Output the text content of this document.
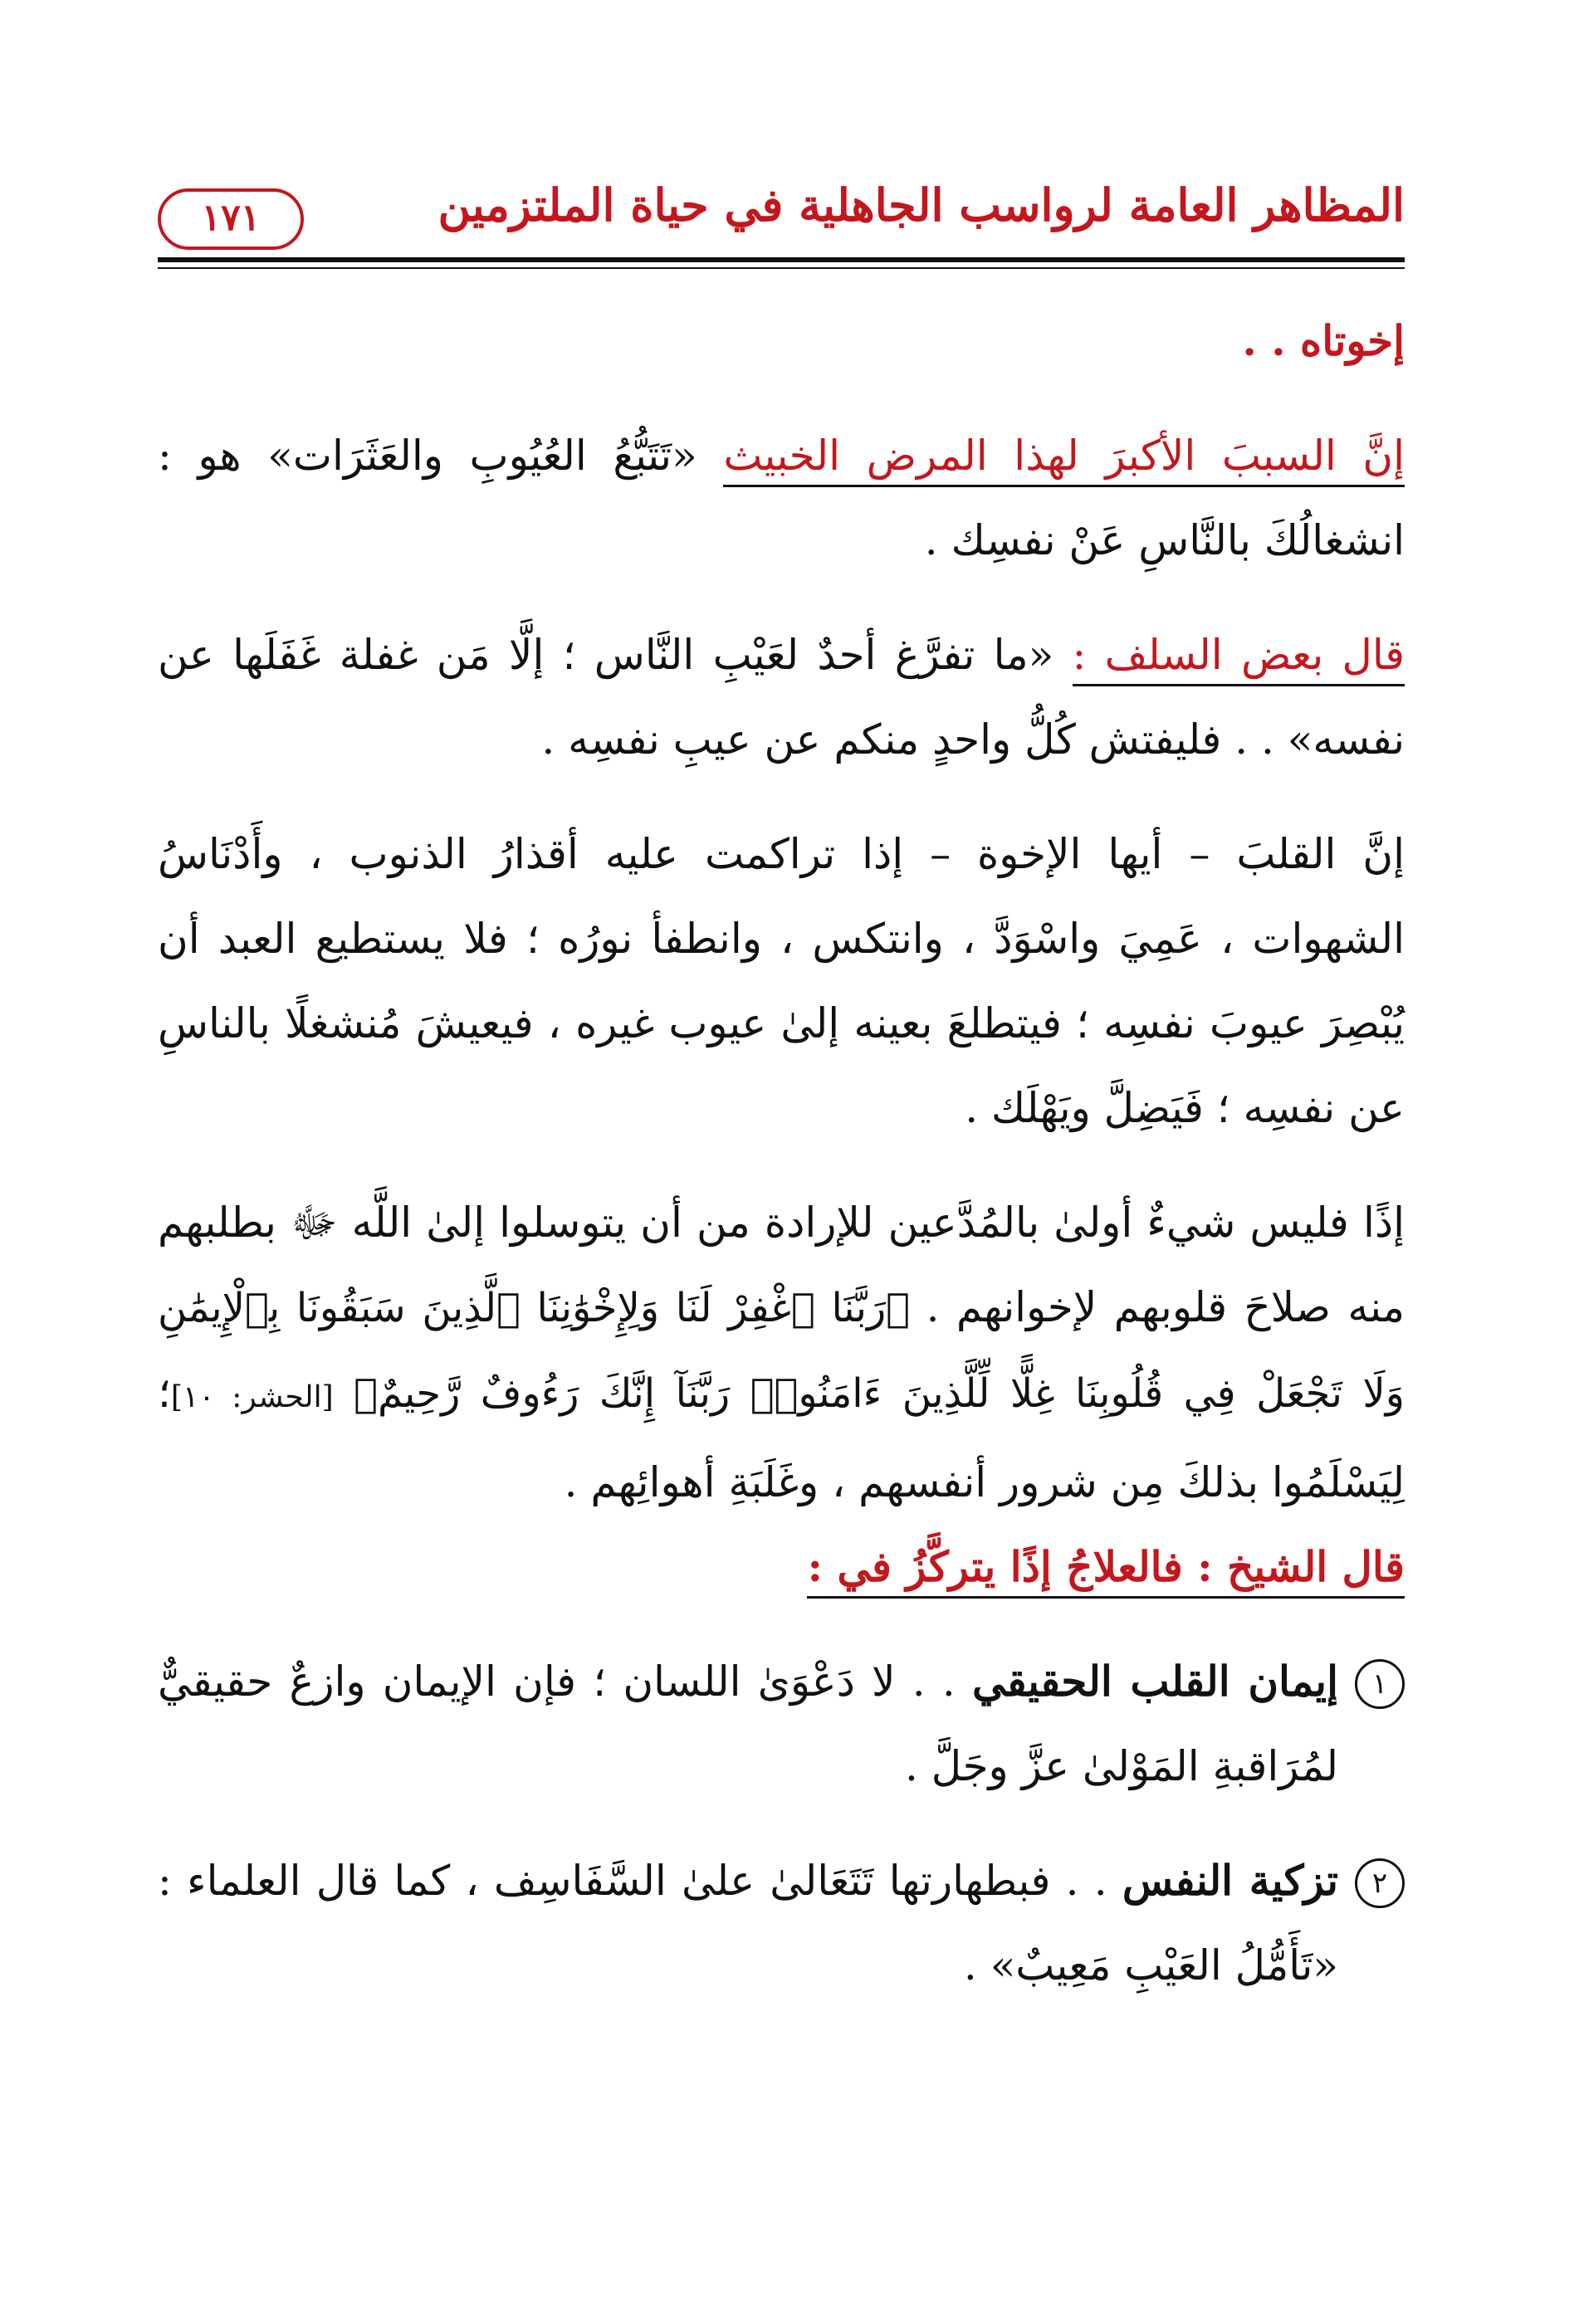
المظاهر العامة لرواسب الجاهلية في حياة الملتزمين
١٧١

إخوتاه . .

إنَّ السببَ الأكبرَ لهذا المرض الخبيث «تَتَبُّعُ العُيُوبِ والعَثَرَات» هو : انشغالُكَ بالنَّاسِ عَنْ نفسِك .

قال بعض السلف : «ما تفرَّغ أحدٌ لعَيْبِ النَّاس ؛ إلَّا مَن غفلة غَفَلَها عن نفسه» . . فليفتش كُلُّ واحدٍ منكم عن عيبِ نفسِه .

إنَّ القلبَ – أيها الإخوة – إذا تراكمت عليه أقذارُ الذنوب ، وأَدْنَاسُ الشهوات ، عَمِيَ واسْوَدَّ ، وانتكس ، وانطفأ نورُه ؛ فلا يستطيع العبد أن يُبْصِرَ عيوبَ نفسِه ؛ فيتطلعَ بعينه إلىٰ عيوب غيره ، فيعيشَ مُنشغلًا بالناسِ عن نفسِه ؛ فَيَضِلَّ ويَهْلَك .

إذًا فليس شيءٌ أولىٰ بالمُدَّعين للإرادة من أن يتوسلوا إلىٰ اللَّه ﷻ بطلبهم منه صلاحَ قلوبهم لإخوانهم . ﴿رَبَّنَا ٱغْفِرْ لَنَا وَلِإِخْوَٰنِنَا ٱلَّذِينَ سَبَقُونَا بِٱلْإِيمَٰنِ وَلَا تَجْعَلْ فِي قُلُوبِنَا غِلًّا لِّلَّذِينَ ءَامَنُوا۟ رَبَّنَآ إِنَّكَ رَءُوفٌ رَّحِيمٌ﴾ [الحشر: ١٠]؛ لِيَسْلَمُوا بذلكَ مِن شرور أنفسهم ، وغَلَبَةِ أهوائِهم .

قال الشيخ : فالعلاجُ إذًا يتركَّزُ في :

١
إيمان القلب الحقيقي . . لا دَعْوَىٰ اللسان ؛ فإن الإيمان وازعٌ حقيقيٌّ لمُرَاقبةِ المَوْلىٰ عزَّ وجَلَّ .

٢
تزكية النفس . . فبطهارتها تَتَعَالىٰ علىٰ السَّفَاسِف ، كما قال العلماء : «تَأَمُّلُ العَيْبِ مَعِيبٌ» .
